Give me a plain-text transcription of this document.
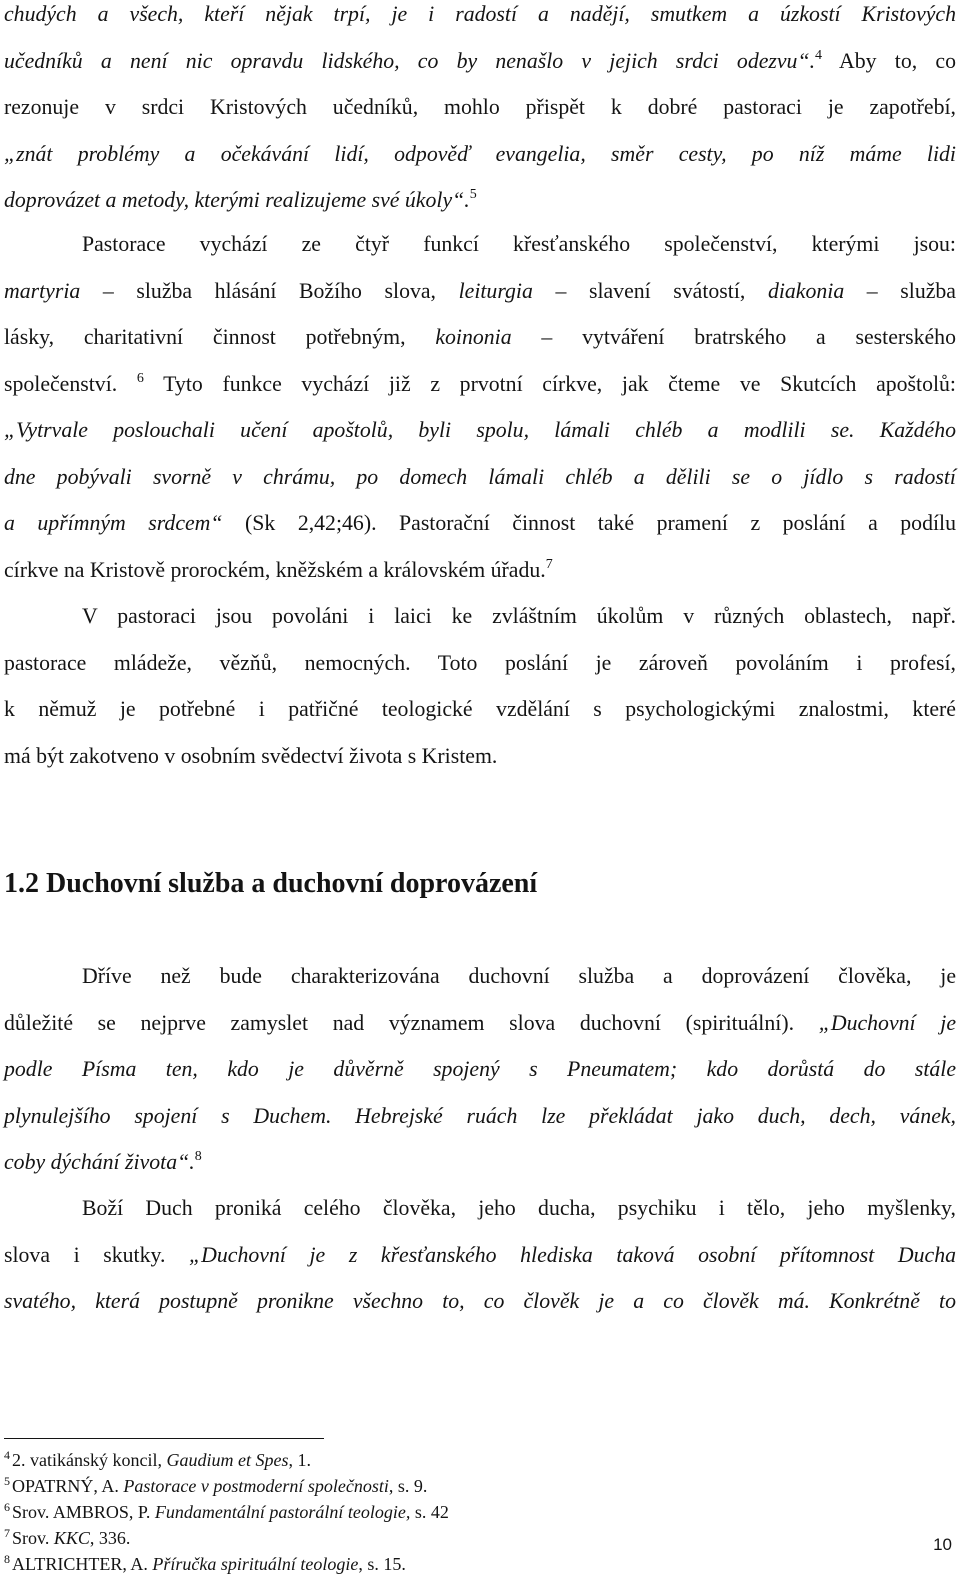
chudých a všech, kteří nějak trpí, je i radostí a nadějí, smutkem a úzkostí Kristových
učedníků a není nic opravdu lidského, co by nenašlo v jejich srdci odezvu“.$^4$ Aby to, co
rezonuje v srdci Kristových učedníků, mohlo přispět k dobré pastoraci je zapotřebí,
„znát problémy a očekávání lidí, odpověď evangelia, směr cesty, po níž máme lidi
doprovázet a metody, kterými realizujeme své úkoly“.$^5$
Pastorace vychází ze čtyř funkcí křesťanského společenství, kterými jsou:
martyria – služba hlásání Božího slova, leiturgia – slavení svátostí, diakonia – služba
lásky, charitativní činnost potřebným, koinonia – vytváření bratrského a sesterského
společenství. $^6$ Tyto funkce vychází již z prvotní církve, jak čteme ve Skutcích apoštolů:
„Vytrvale poslouchali učení apoštolů, byli spolu, lámali chléb a modlili se. Každého
dne pobývali svorně v chrámu, po domech lámali chléb a dělili se o jídlo s radostí
a upřímným srdcem“ (Sk 2,42;46). Pastorační činnost také pramení z poslání a podílu
církve na Kristově prorockém, kněžském a královském úřadu.$^7$
V pastoraci jsou povoláni i laici ke zvláštním úkolům v různých oblastech, např.
pastorace mládeže, vězňů, nemocných. Toto poslání je zároveň povoláním i profesí,
k němuž je potřebné i patřičné teologické vzdělání s psychologickými znalostmi, které
má být zakotveno v osobním svědectví života s Kristem.
1.2 Duchovní služba a duchovní doprovázení
Dříve než bude charakterizována duchovní služba a doprovázení člověka, je
důležité se nejprve zamyslet nad významem slova duchovní (spirituální). „Duchovní je
podle Písma ten, kdo je důvěrně spojený s Pneumatem; kdo dorůstá do stále
plynulejšího spojení s Duchem. Hebrejské ruách lze překládat jako duch, dech, vánek,
coby dýchání života“.$^8$
Boží Duch proniká celého člověka, jeho ducha, psychiku i tělo, jeho myšlenky,
slova i skutky. „Duchovní je z křesťanského hlediska taková osobní přítomnost Ducha
svatého, která postupně pronikne všechno to, co člověk je a co člověk má. Konkrétně to
$^4$ 2. vatikánský koncil, Gaudium et Spes, 1.
$^5$ OPATRNÝ, A. Pastorace v postmoderní společnosti, s. 9.
$^6$ Srov. AMBROS, P. Fundamentální pastorální teologie, s. 42
$^7$ Srov. KKC, 336.
$^8$ ALTRICHTER, A. Příručka spirituální teologie, s. 15.
10
